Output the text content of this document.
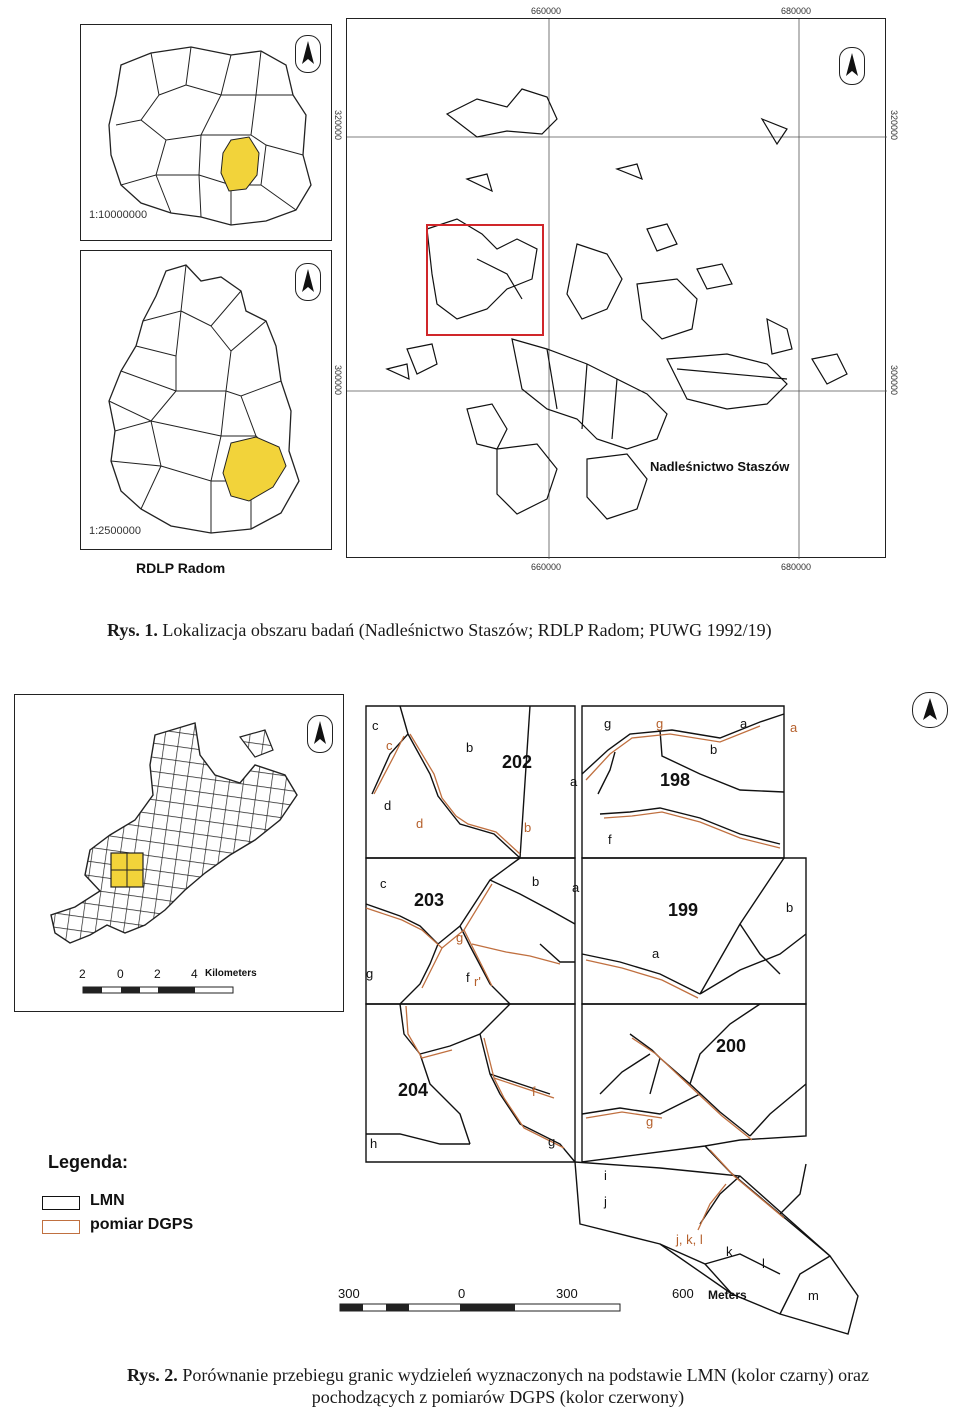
1:10000000
1:2500000
RDLP Radom
Nadleśnictwo Staszów
660000	680000
660000	680000
320000
300000
320000
300000
Rys. 1. Lokalizacja obszaru badań (Nadleśnictwo Staszów; RDLP Radom; PUWG 1992/19)
2	0	2	4 Kilometers
202
198
203	199
204
200
c
b
a
d
g	a
b
f
c	b	a
g	f
a
b
h	g
i
j
k
l
m
c
d	b
g	a
g
r'
f
g
j, k, l
300	0	300	600 Meters
Legenda:
LMN
pomiar DGPS
Rys. 2. Porównanie przebiegu granic wydzieleń wyznaczonych na podstawie LMN (kolor czarny) oraz
pochodzących z pomiarów DGPS (kolor czerwony)
